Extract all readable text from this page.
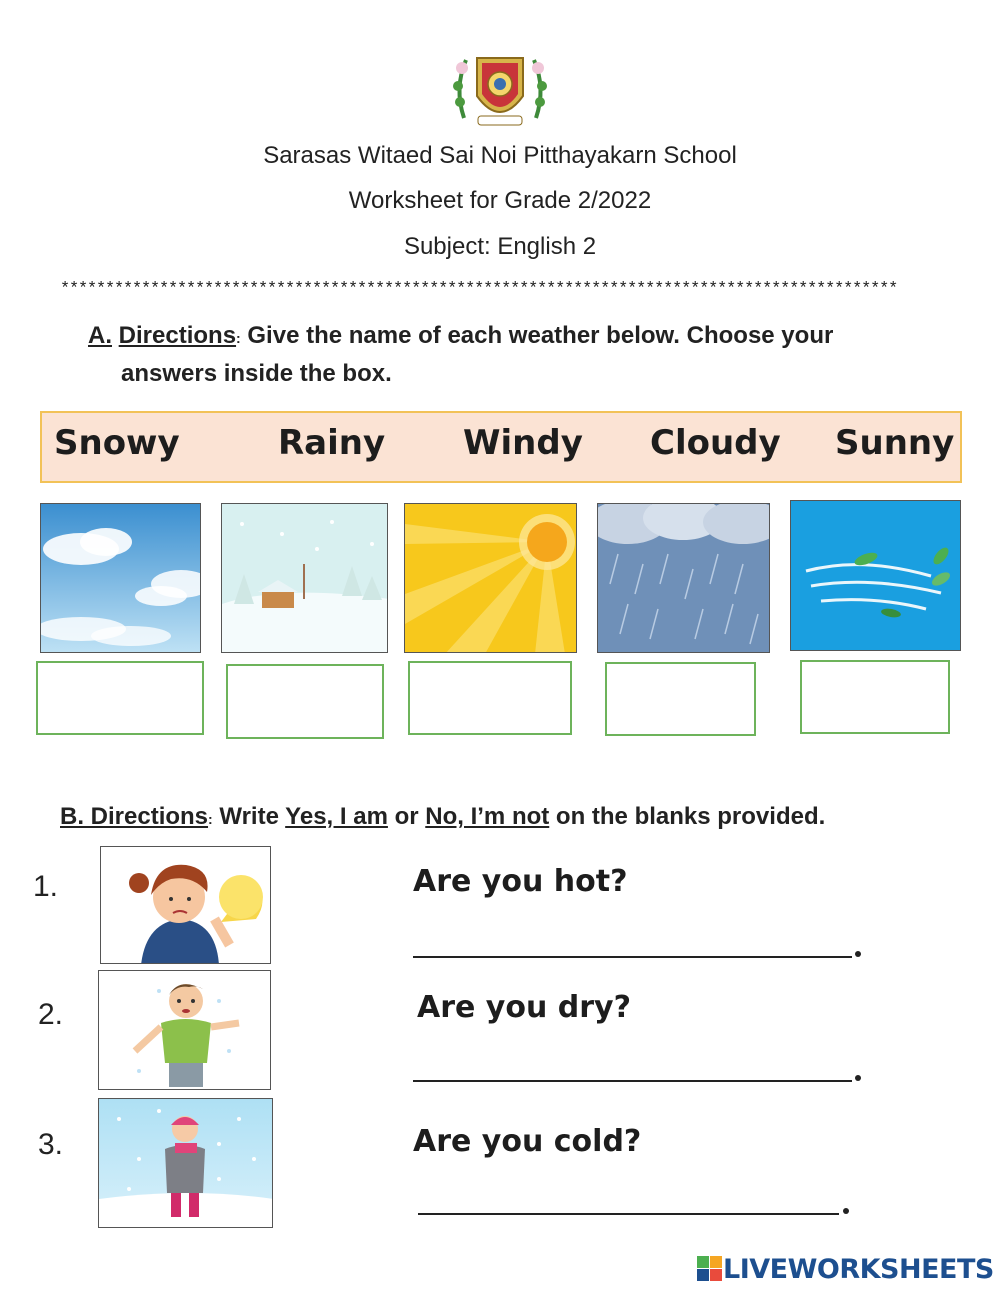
Sarasas Witaed Sai Noi Pitthayakarn School
Worksheet for Grade 2/2022
Subject: English 2
*********************************************************************************************
A. Directions: Give the name of each weather below. Choose your
answers inside the box.
Snowy	Rainy Windy Cloudy Sunny
B. Directions: Write Yes, I am or No, I’m not on the blanks provided.
1.	Are you hot?
2.	Are you dry?
3.	Are you cold?
LIVEWORKSHEETS
